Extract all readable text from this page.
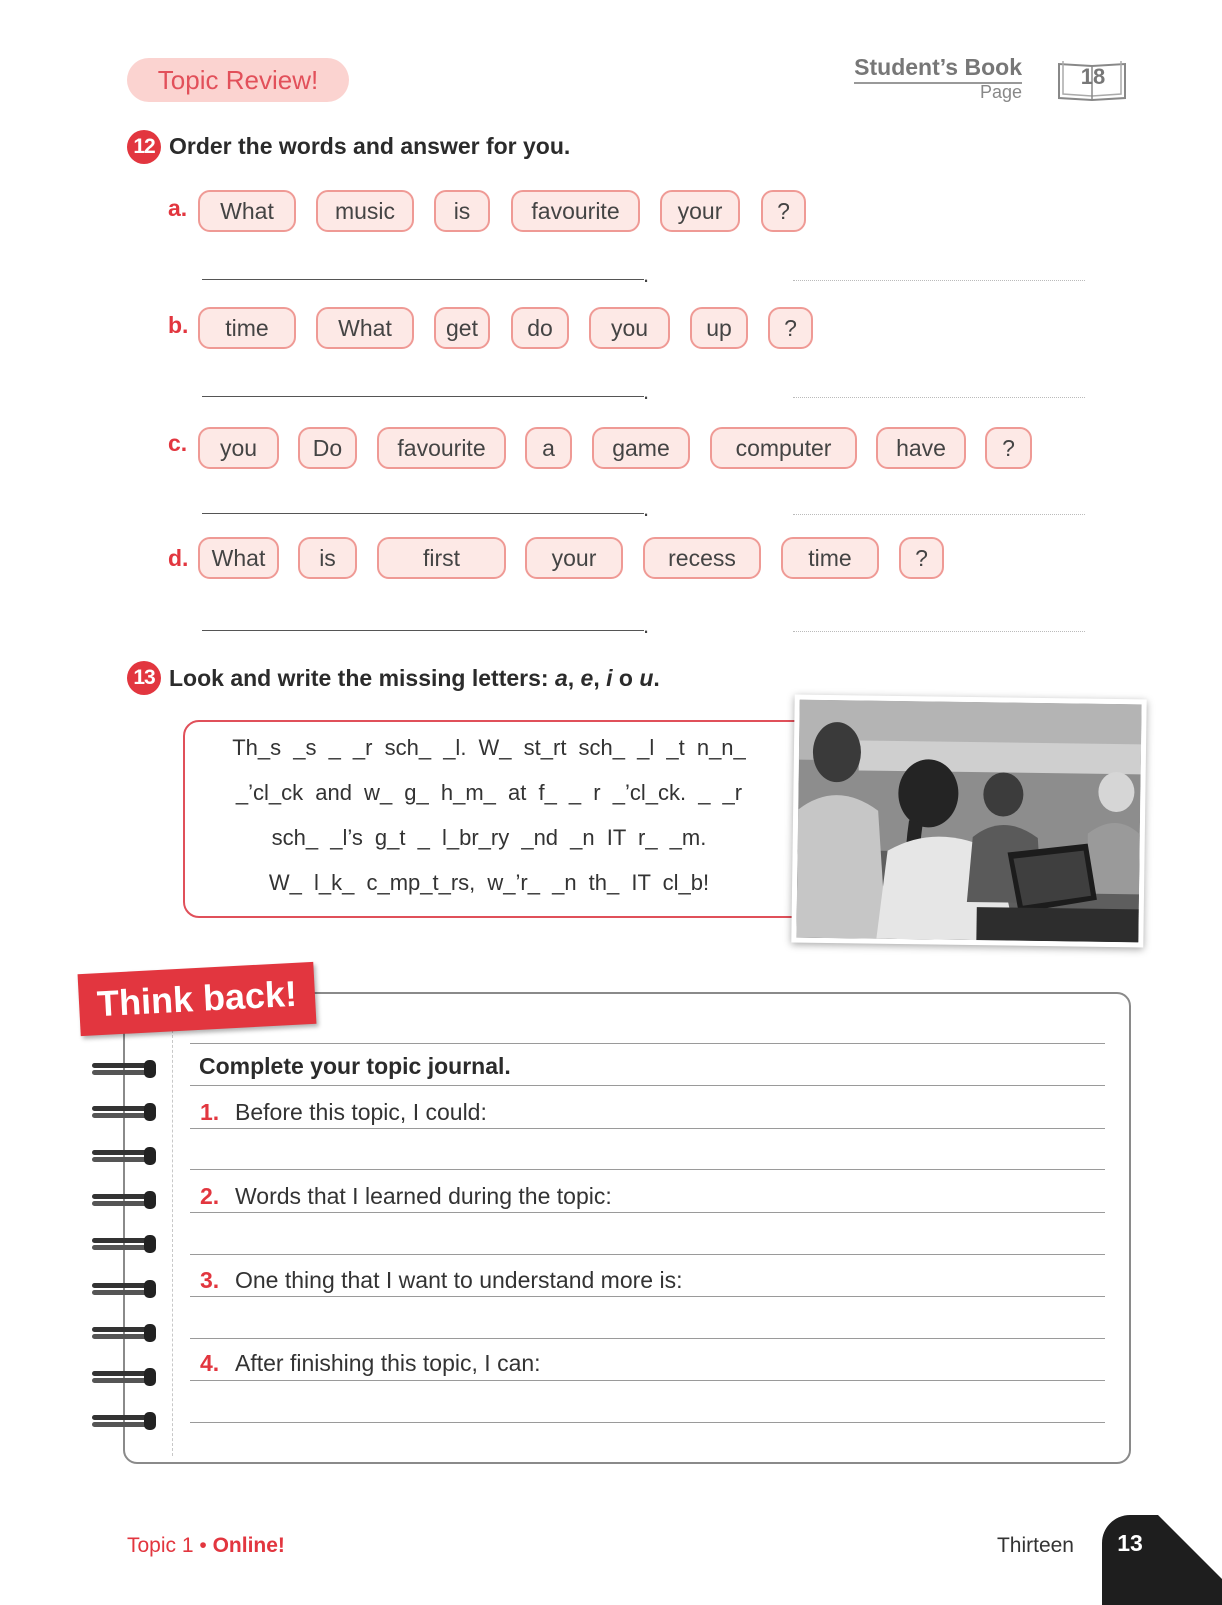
Topic Review!	Student’s Book
Page
18
12 Order the words and answer for you.
a.	What	music	is	favourite	your	?
.
b.	time	What	get	do	you	up	?
.
c.	you	Do	favourite	a	game	computer	have	?
.
d.	What	is	first	your	recess	time	?
.
13 Look and write the missing letters: a, e, i o u.
Th_s _s _ _r sch_ _l. W_ st_rt sch_ _l _t n_n_
_’cl_ck and w_ g_ h_m_ at f_ _ r _’cl_ck. _ _r
sch_ _l’s g_t _ l_br_ry _nd _n IT r_ _m.
W_ l_k_ c_mp_t_rs, w_’r_ _n th_ IT cl_b!
Think back!
Complete your topic journal.
1. Before this topic, I could:
2. Words that I learned during the topic:
3. One thing that I want to understand more is:
4. After finishing this topic, I can:
Topic 1 • Online!	Thirteen	13
